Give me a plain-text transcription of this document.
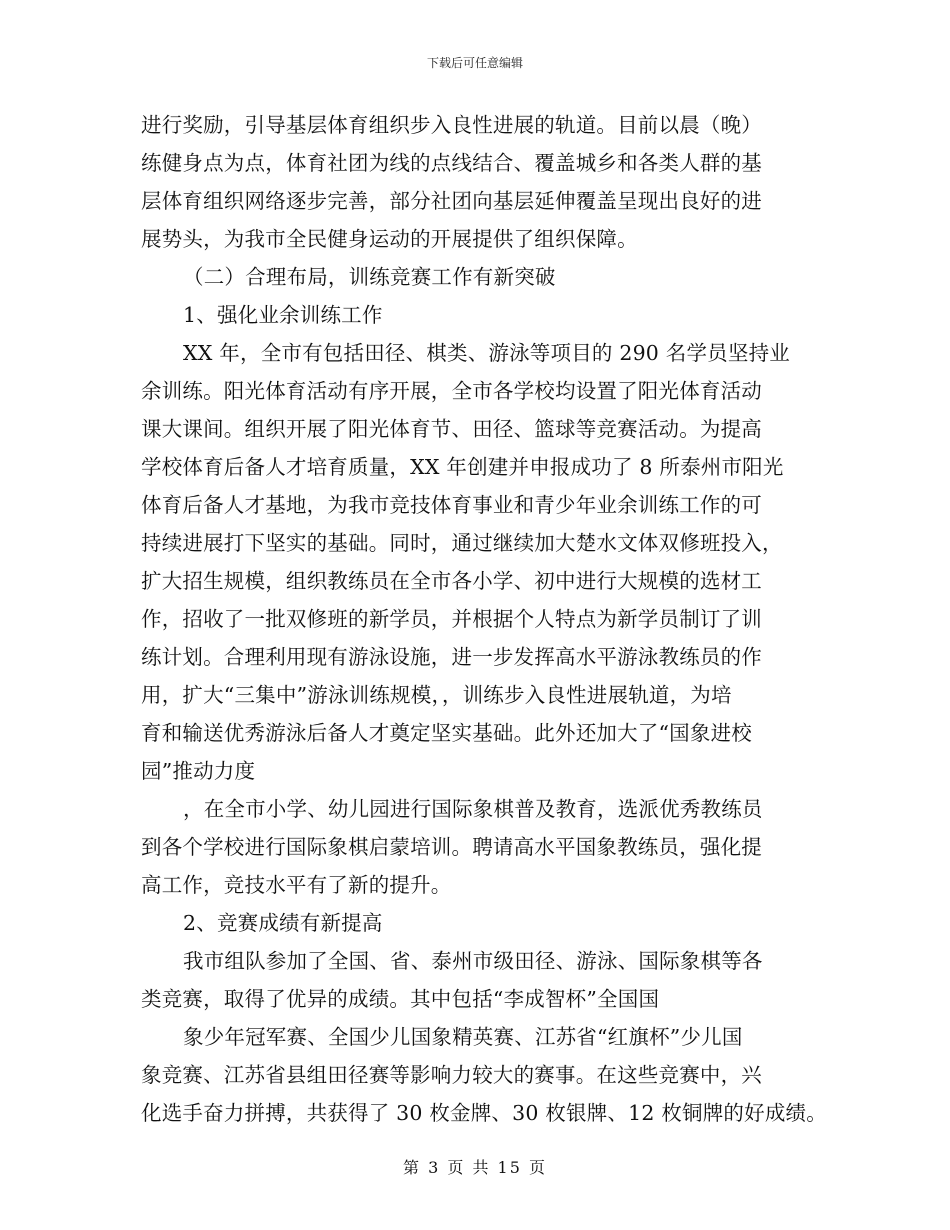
下载后可任意编辑
进行奖励，引导基层体育组织步入良性进展的轨道。目前以晨（晚）
练健身点为点，体育社团为线的点线结合、覆盖城乡和各类人群的基
层体育组织网络逐步完善，部分社团向基层延伸覆盖呈现出良好的进
展势头，为我市全民健身运动的开展提供了组织保障。
（二）合理布局，训练竞赛工作有新突破
1、强化业余训练工作
XX 年，全市有包括田径、棋类、游泳等项目的 290 名学员坚持业
余训练。阳光体育活动有序开展，全市各学校均设置了阳光体育活动
课大课间。组织开展了阳光体育节、田径、篮球等竞赛活动。为提高
学校体育后备人才培育质量，XX 年创建并申报成功了 8 所泰州市阳光
体育后备人才基地，为我市竞技体育事业和青少年业余训练工作的可
持续进展打下坚实的基础。同时，通过继续加大楚水文体双修班投入，
扩大招生规模，组织教练员在全市各小学、初中进行大规模的选材工
作，招收了一批双修班的新学员，并根据个人特点为新学员制订了训
练计划。合理利用现有游泳设施，进一步发挥高水平游泳教练员的作
用，扩大“三集中”游泳训练规模，，训练步入良性进展轨道，为培
育和输送优秀游泳后备人才奠定坚实基础。此外还加大了“国象进校
园”推动力度
，在全市小学、幼儿园进行国际象棋普及教育，选派优秀教练员
到各个学校进行国际象棋启蒙培训。聘请高水平国象教练员，强化提
高工作，竞技水平有了新的提升。
2、竞赛成绩有新提高
我市组队参加了全国、省、泰州市级田径、游泳、国际象棋等各
类竞赛，取得了优异的成绩。其中包括“李成智杯”全国国
象少年冠军赛、全国少儿国象精英赛、江苏省“红旗杯”少儿国
象竞赛、江苏省县组田径赛等影响力较大的赛事。在这些竞赛中，兴
化选手奋力拼搏，共获得了 30 枚金牌、30 枚银牌、12 枚铜牌的好成绩。
第 3 页 共 15 页
